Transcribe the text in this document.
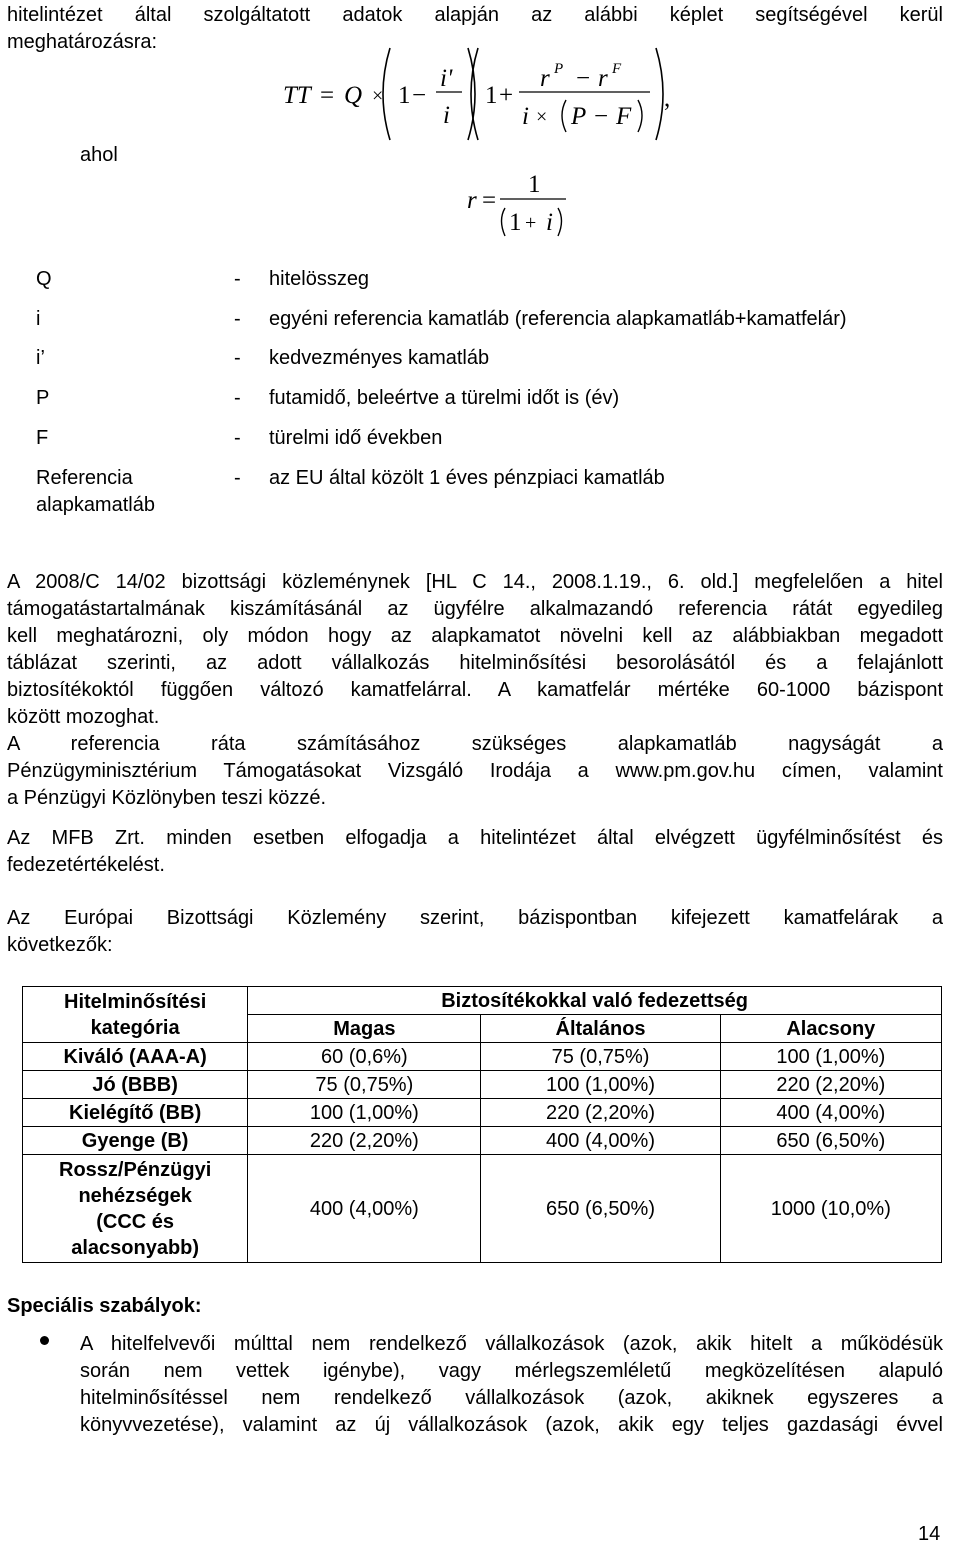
hitelintézet által szolgáltatott adatok alapján az alábbi képlet segítségével kerül
meghatározásra:
TT = Q × 1 −
i'
i
1 +
r P − r F
i × P − F
,
r =
1
1 + i
ahol
Q	- hitelösszeg
i	- egyéni referencia kamatláb (referencia alapkamatláb+kamatfelár)
i’	- kedvezményes kamatláb
P	- futamidő, beleértve a türelmi időt is (év)
F	- türelmi idő években
Referencia alapkamatláb
- az EU által közölt 1 éves pénzpiaci kamatláb

A 2008/C 14/02 bizottsági közleménynek [HL C 14., 2008.1.19., 6. old.] megfelelően a hitel

támogatástartalmának kiszámításánál az ügyfélre alkalmazandó referencia rátát egyedileg

kell meghatározni, oly módon hogy az alapkamatot növelni kell az alábbiakban megadott

táblázat szerinti, az adott vállalkozás hitelminősítési besorolásától és a felajánlott

biztosítékoktól függően változó kamatfelárral. A kamatfelár mértéke 60-1000 bázispont

között mozoghat.

A referencia ráta számításához szükséges alapkamatláb nagyságát a

Pénzügyminisztérium Támogatásokat Vizsgáló Irodája a www.pm.gov.hu címen, valamint

a Pénzügyi Közlönyben teszi közzé.

Az MFB Zrt. minden esetben elfogadja a hitelintézet által elvégzett ügyfélminősítést és

fedezetértékelést.

Az Európai Bizottsági Közlemény szerint, bázispontban kifejezett kamatfelárak a

következők:

Hitelminősítési kategória	Biztosítékokkal való fedezettség		
	Magas	Általános	Alacsony
Kiváló (AAA-A)	60 (0,6%)	75 (0,75%)	100 (1,00%)
Jó (BBB)	75 (0,75%)	100 (1,00%)	220 (2,20%)
Kielégítő (BB)	100 (1,00%)	220 (2,20%)	400 (4,00%)
Gyenge (B)	220 (2,20%)	400 (4,00%)	650 (6,50%)
Rossz/Pénzügyi nehézségek (CCC és alacsonyabb)	400 (4,00%)	650 (6,50%)	1000 (10,0%)
Speciális szabályok:

A hitelfelvevői múlttal nem rendelkező vállalkozások (azok, akik hitelt a működésük

során nem vettek igénybe), vagy mérlegszemléletű megközelítésen alapuló

hitelminősítéssel nem rendelkező vállalkozások (azok, akiknek egyszeres a

könyvvezetése), valamint az új vállalkozások (azok, akik egy teljes gazdasági évvel

14
